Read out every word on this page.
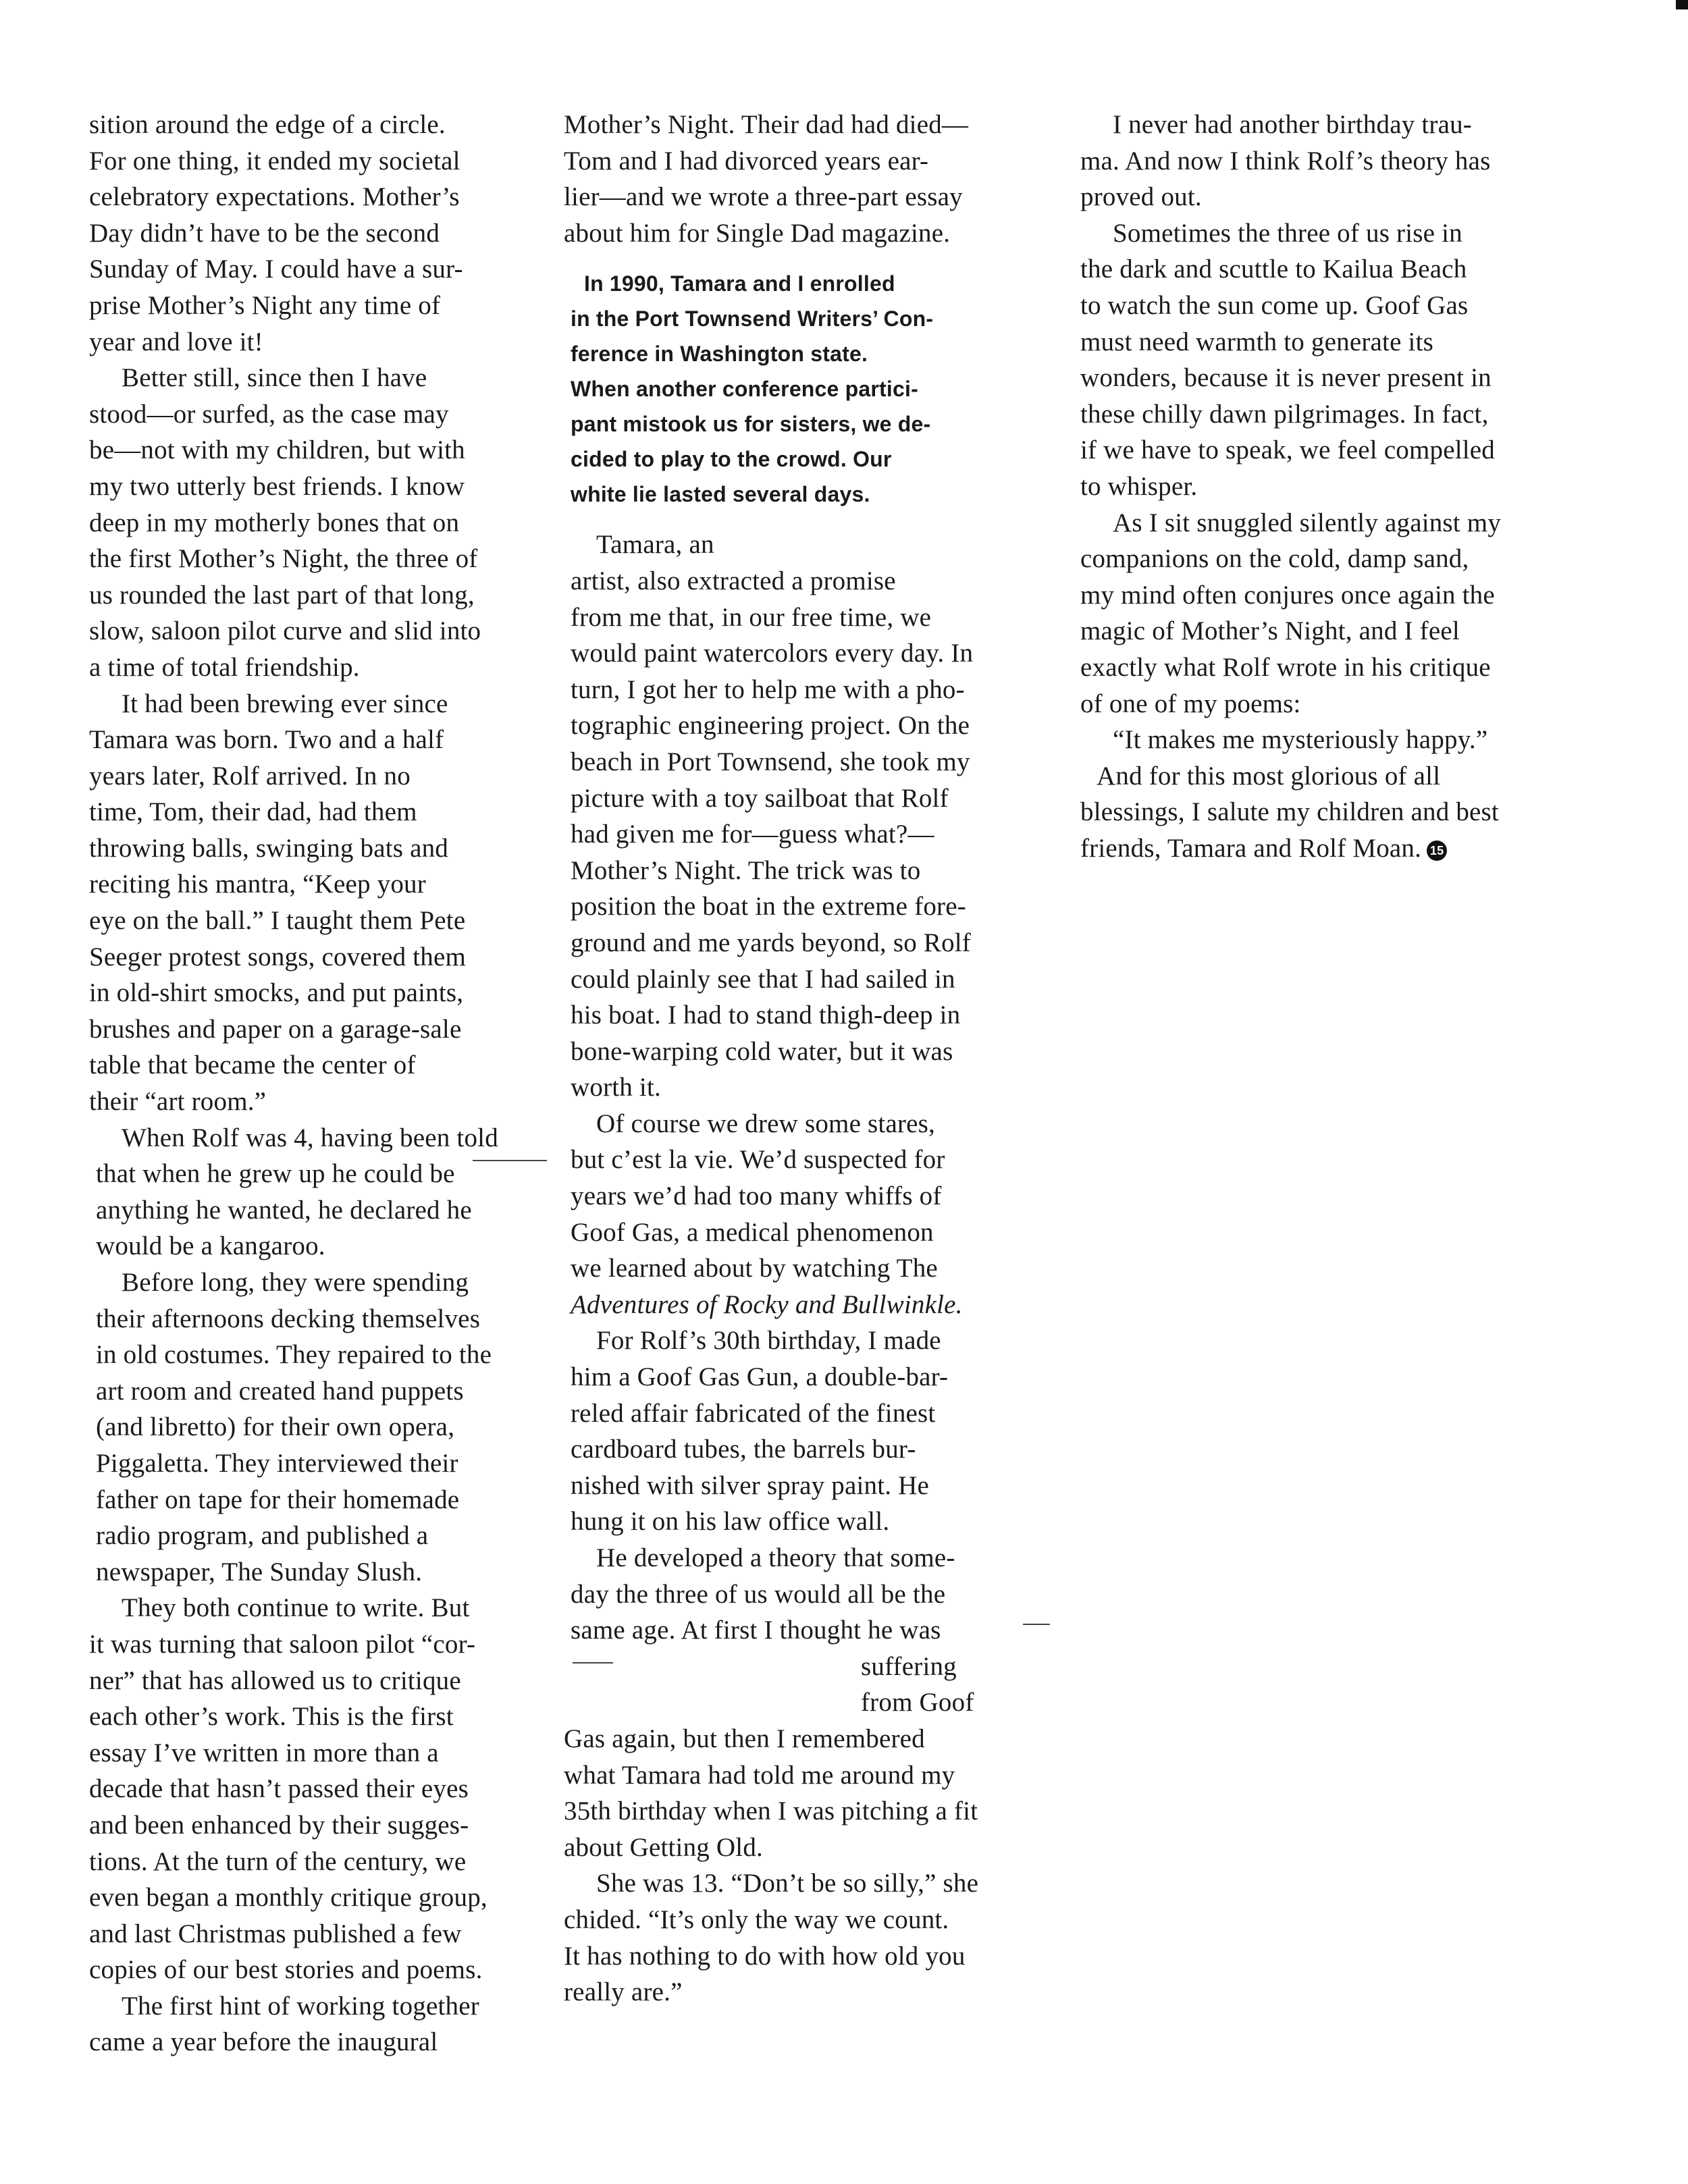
sition around the edge of a circle.
For one thing, it ended my societal
celebratory expectations. Mother’s
Day didn’t have to be the second
Sunday of May. I could have a sur-
prise Mother’s Night any time of
year and love it!
Better still, since then I have
stood—or surfed, as the case may
be—not with my children, but with
my two utterly best friends. I know
deep in my motherly bones that on
the first Mother’s Night, the three of
us rounded the last part of that long,
slow, saloon pilot curve and slid into
a time of total friendship.
It had been brewing ever since
Tamara was born. Two and a half
years later, Rolf arrived. In no
time, Tom, their dad, had them
throwing balls, swinging bats and
reciting his mantra, “Keep your
eye on the ball.” I taught them Pete
Seeger protest songs, covered them
in old-shirt smocks, and put paints,
brushes and paper on a garage-sale
table that became the center of
their “art room.”
When Rolf was 4, having been told
that when he grew up he could be
anything he wanted, he declared he
would be a kangaroo.
Before long, they were spending
their afternoons decking themselves
in old costumes. They repaired to the
art room and created hand puppets
(and libretto) for their own opera,
Piggaletta. They interviewed their
father on tape for their homemade
radio program, and published a
newspaper, The Sunday Slush.
They both continue to write. But
it was turning that saloon pilot “cor-
ner” that has allowed us to critique
each other’s work. This is the first
essay I’ve written in more than a
decade that hasn’t passed their eyes
and been enhanced by their sugges-
tions. At the turn of the century, we
even began a monthly critique group,
and last Christmas published a few
copies of our best stories and poems.
The first hint of working together
came a year before the inaugural
Mother’s Night. Their dad had died—
Tom and I had divorced years ear-
lier—and we wrote a three-part essay
about him for Single Dad magazine.
In 1990, Tamara and I enrolled
in the Port Townsend Writers’ Con-
ference in Washington state.
When another conference partici-
pant mistook us for sisters, we de-
cided to play to the crowd. Our
white lie lasted several days.
Tamara, an
artist, also extracted a promise
from me that, in our free time, we
would paint watercolors every day. In
turn, I got her to help me with a pho-
tographic engineering project. On the
beach in Port Townsend, she took my
picture with a toy sailboat that Rolf
had given me for—guess what?—
Mother’s Night. The trick was to
position the boat in the extreme fore-
ground and me yards beyond, so Rolf
could plainly see that I had sailed in
his boat. I had to stand thigh-deep in
bone-warping cold water, but it was
worth it.
Of course we drew some stares,
but c’est la vie. We’d suspected for
years we’d had too many whiffs of
Goof Gas, a medical phenomenon
we learned about by watching The
Adventures of Rocky and Bullwinkle.
For Rolf’s 30th birthday, I made
him a Goof Gas Gun, a double-bar-
reled affair fabricated of the finest
cardboard tubes, the barrels bur-
nished with silver spray paint. He
hung it on his law office wall.
He developed a theory that some-
day the three of us would all be the
same age. At first I thought he was
suffering
from Goof
Gas again, but then I remembered
what Tamara had told me around my
35th birthday when I was pitching a fit
about Getting Old.
She was 13. “Don’t be so silly,” she
chided. “It’s only the way we count.
It has nothing to do with how old you
really are.”
I never had another birthday trau-
ma. And now I think Rolf’s theory has
proved out.
Sometimes the three of us rise in
the dark and scuttle to Kailua Beach
to watch the sun come up. Goof Gas
must need warmth to generate its
wonders, because it is never present in
these chilly dawn pilgrimages. In fact,
if we have to speak, we feel compelled
to whisper.
As I sit snuggled silently against my
companions on the cold, damp sand,
my mind often conjures once again the
magic of Mother’s Night, and I feel
exactly what Rolf wrote in his critique
of one of my poems:
“It makes me mysteriously happy.”
And for this most glorious of all
blessings, I salute my children and best
friends, Tamara and Rolf Moan. 15
